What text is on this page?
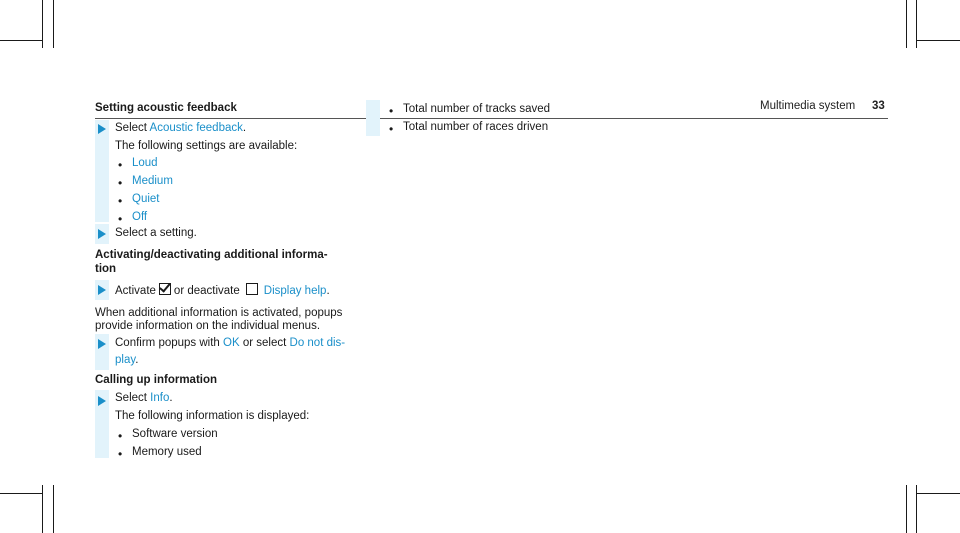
Multimedia system 33
Setting acoustic feedback
Select Acoustic feedback.
The following settings are available:
• Loud
• Medium
• Quiet
• Off
Select a setting.
Activating/deactivating additional informa-
tion
Activate or deactivate Display help.
When additional information is activated, popups
provide information on the individual menus.
Confirm popups with OK or select Do not dis-
play.
Calling up information
Select Info.
The following information is displayed:
• Software version
• Memory used
• Total number of tracks saved
• Total number of races driven
